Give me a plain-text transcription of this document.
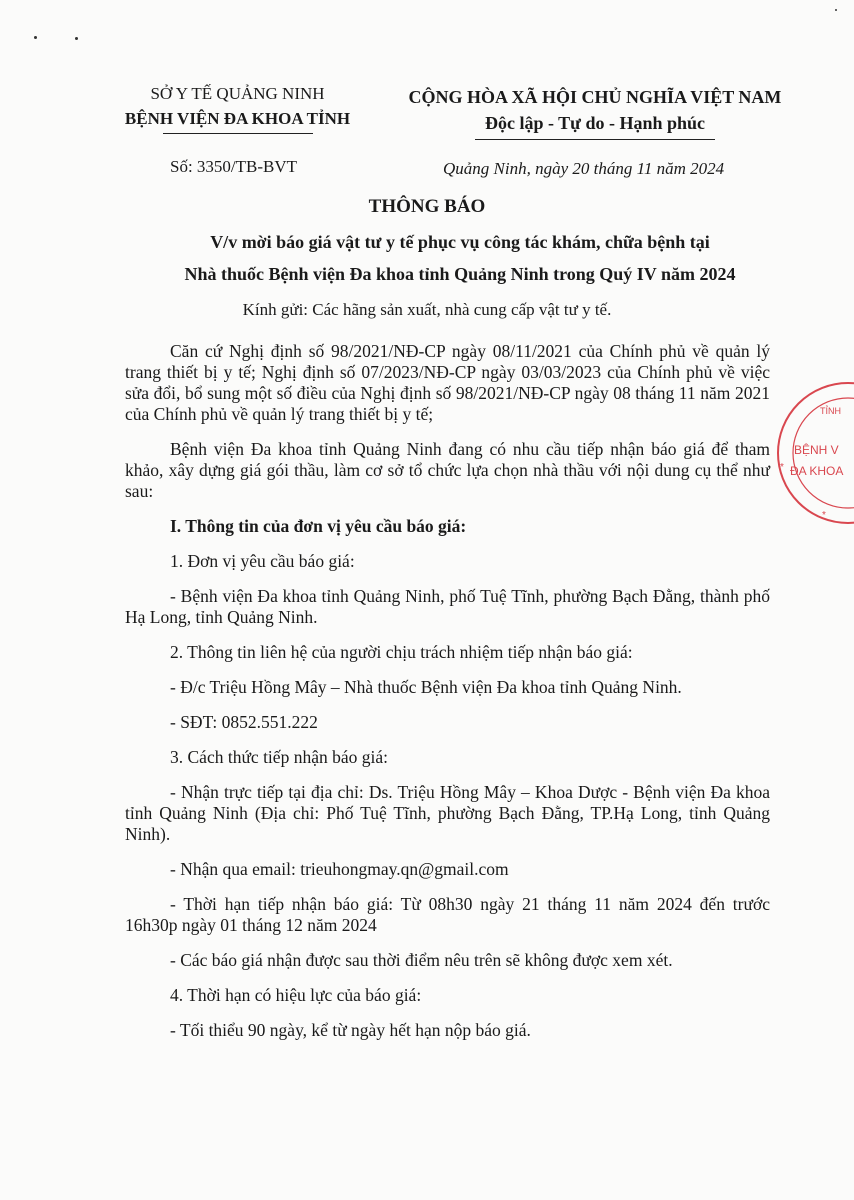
SỞ Y TẾ QUẢNG NINH
BỆNH VIỆN ĐA KHOA TỈNH
CỘNG HÒA XÃ HỘI CHỦ NGHĨA VIỆT NAM
Độc lập - Tự do - Hạnh phúc
Số: 3350/TB-BVT	Quảng Ninh, ngày 20 tháng 11 năm 2024
THÔNG BÁO
V/v mời báo giá vật tư y tế phục vụ công tác khám, chữa bệnh tại
Nhà thuốc Bệnh viện Đa khoa tỉnh Quảng Ninh trong Quý IV năm 2024
Kính gửi: Các hãng sản xuất, nhà cung cấp vật tư y tế.

Căn cứ Nghị định số 98/2021/NĐ-CP ngày 08/11/2021 của Chính phủ về quản lý trang thiết bị y tế; Nghị định số 07/2023/NĐ-CP ngày 03/03/2023 của Chính phủ về việc sửa đổi, bổ sung một số điều của Nghị định số 98/2021/NĐ-CP ngày 08 tháng 11 năm 2021 của Chính phủ về quản lý trang thiết bị y tế;

Bệnh viện Đa khoa tỉnh Quảng Ninh đang có nhu cầu tiếp nhận báo giá để tham khảo, xây dựng giá gói thầu, làm cơ sở tổ chức lựa chọn nhà thầu với nội dung cụ thể như sau:

I. Thông tin của đơn vị yêu cầu báo giá:

1. Đơn vị yêu cầu báo giá:

- Bệnh viện Đa khoa tỉnh Quảng Ninh, phố Tuệ Tĩnh, phường Bạch Đằng, thành phố Hạ Long, tỉnh Quảng Ninh.

2. Thông tin liên hệ của người chịu trách nhiệm tiếp nhận báo giá:

- Đ/c Triệu Hồng Mây – Nhà thuốc Bệnh viện Đa khoa tỉnh Quảng Ninh.

- SĐT: 0852.551.222

3. Cách thức tiếp nhận báo giá:

- Nhận trực tiếp tại địa chỉ: Ds. Triệu Hồng Mây – Khoa Dược - Bệnh viện Đa khoa tỉnh Quảng Ninh (Địa chỉ: Phố Tuệ Tĩnh, phường Bạch Đằng, TP.Hạ Long, tỉnh Quảng Ninh).

- Nhận qua email: trieuhongmay.qn@gmail.com

- Thời hạn tiếp nhận báo giá: Từ 08h30 ngày 21 tháng 11 năm 2024 đến trước 16h30p ngày 01 tháng 12 năm 2024

- Các báo giá nhận được sau thời điểm nêu trên sẽ không được xem xét.

4. Thời hạn có hiệu lực của báo giá:

- Tối thiểu 90 ngày, kể từ ngày hết hạn nộp báo giá.

TỈNH
BỆNH V
ĐA KHOA
*
*
